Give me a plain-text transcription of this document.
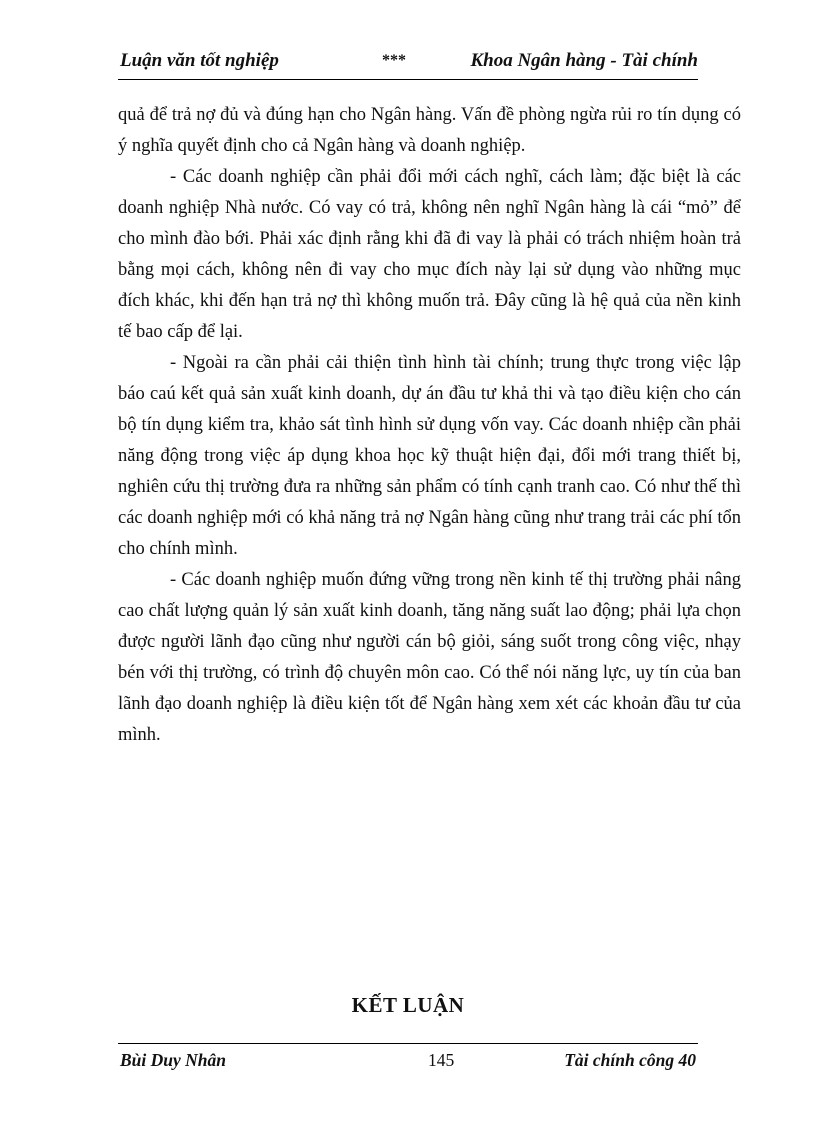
Luận văn tốt nghiệp	***	Khoa Ngân hàng - Tài chính

quả để trả nợ đủ và đúng hạn cho Ngân hàng. Vấn đề phòng ngừa rủi ro tín dụng có ý nghĩa quyết định cho cả Ngân hàng và doanh nghiệp.

- Các doanh nghiệp cần phải đổi mới cách nghĩ, cách làm; đặc biệt là các doanh nghiệp Nhà nước. Có vay có trả, không nên nghĩ Ngân hàng là cái “mỏ” để cho mình đào bới. Phải xác định rằng khi đã đi vay là phải có trách nhiệm hoàn trả bằng mọi cách, không nên đi vay cho mục đích này lại sử dụng vào những mục đích khác, khi đến hạn trả nợ thì không muốn trả. Đây cũng là hệ quả của nền kinh tế bao cấp để lại.

- Ngoài ra cần phải cải thiện tình hình tài chính; trung thực trong việc lập báo caú kết quả sản xuất kinh doanh, dự án đầu tư khả thi và tạo điều kiện cho cán bộ tín dụng kiểm tra, khảo sát tình hình sử dụng vốn vay. Các doanh nhiệp cần phải năng động trong việc áp dụng khoa học kỹ thuật hiện đại, đổi mới trang thiết bị, nghiên cứu thị trường đưa ra những sản phẩm có tính cạnh tranh cao. Có như thế thì các doanh nghiệp mới có khả năng trả nợ Ngân hàng cũng như trang trải các phí tổn cho chính mình.

- Các doanh nghiệp muốn đứng vững trong nền kinh tế thị trường phải nâng cao chất lượng quản lý sản xuất kinh doanh, tăng năng suất lao động; phải lựa chọn được người lãnh đạo cũng như người cán bộ giỏi, sáng suốt trong công việc, nhạy bén với thị trường, có trình độ chuyên môn cao. Có thể nói năng lực, uy tín của ban lãnh đạo doanh nghiệp là điều kiện tốt để Ngân hàng xem xét các khoản đầu tư của mình.

KẾT LUẬN
Bùi Duy Nhân	145	Tài chính công 40
